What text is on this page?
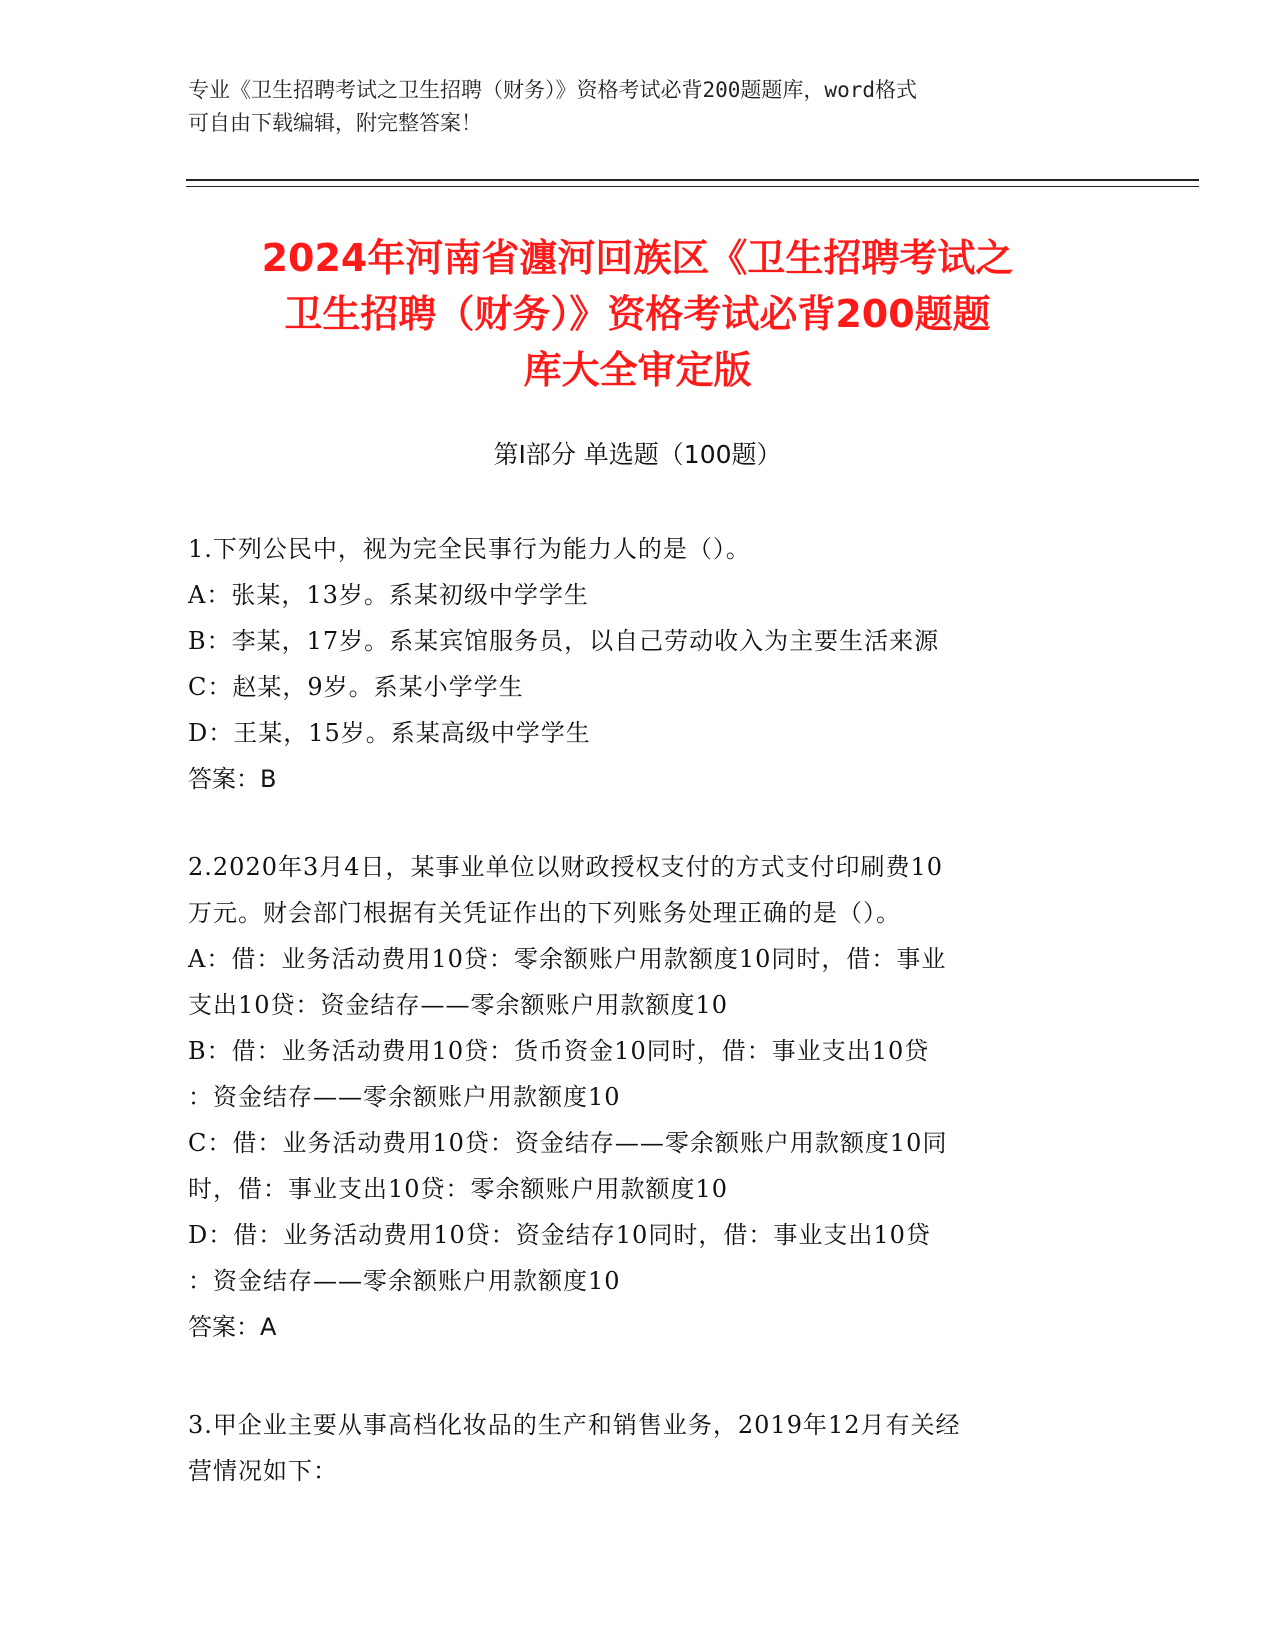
专业《卫生招聘考试之卫生招聘（财务）》资格考试必背200题题库，word格式
可自由下载编辑，附完整答案！
2024年河南省瀍河回族区《卫生招聘考试之
卫生招聘（财务）》资格考试必背200题题
库大全审定版
第Ⅰ部分 单选题（100题）
1.下列公民中，视为完全民事行为能力人的是（）。
A：张某，13岁。系某初级中学学生
B：李某，17岁。系某宾馆服务员，以自己劳动收入为主要生活来源
C：赵某，9岁。系某小学学生
D：王某，15岁。系某高级中学学生
答案：B
2.2020年3月4日，某事业单位以财政授权支付的方式支付印刷费10
万元。财会部门根据有关凭证作出的下列账务处理正确的是（）。
A：借：业务活动费用10贷：零余额账户用款额度10同时，借：事业
支出10贷：资金结存——零余额账户用款额度10
B：借：业务活动费用10贷：货币资金10同时，借：事业支出10贷
：资金结存——零余额账户用款额度10
C：借：业务活动费用10贷：资金结存——零余额账户用款额度10同
时，借：事业支出10贷：零余额账户用款额度10
D：借：业务活动费用10贷：资金结存10同时，借：事业支出10贷
：资金结存——零余额账户用款额度10
答案：A
3.甲企业主要从事高档化妆品的生产和销售业务，2019年12月有关经
营情况如下：
